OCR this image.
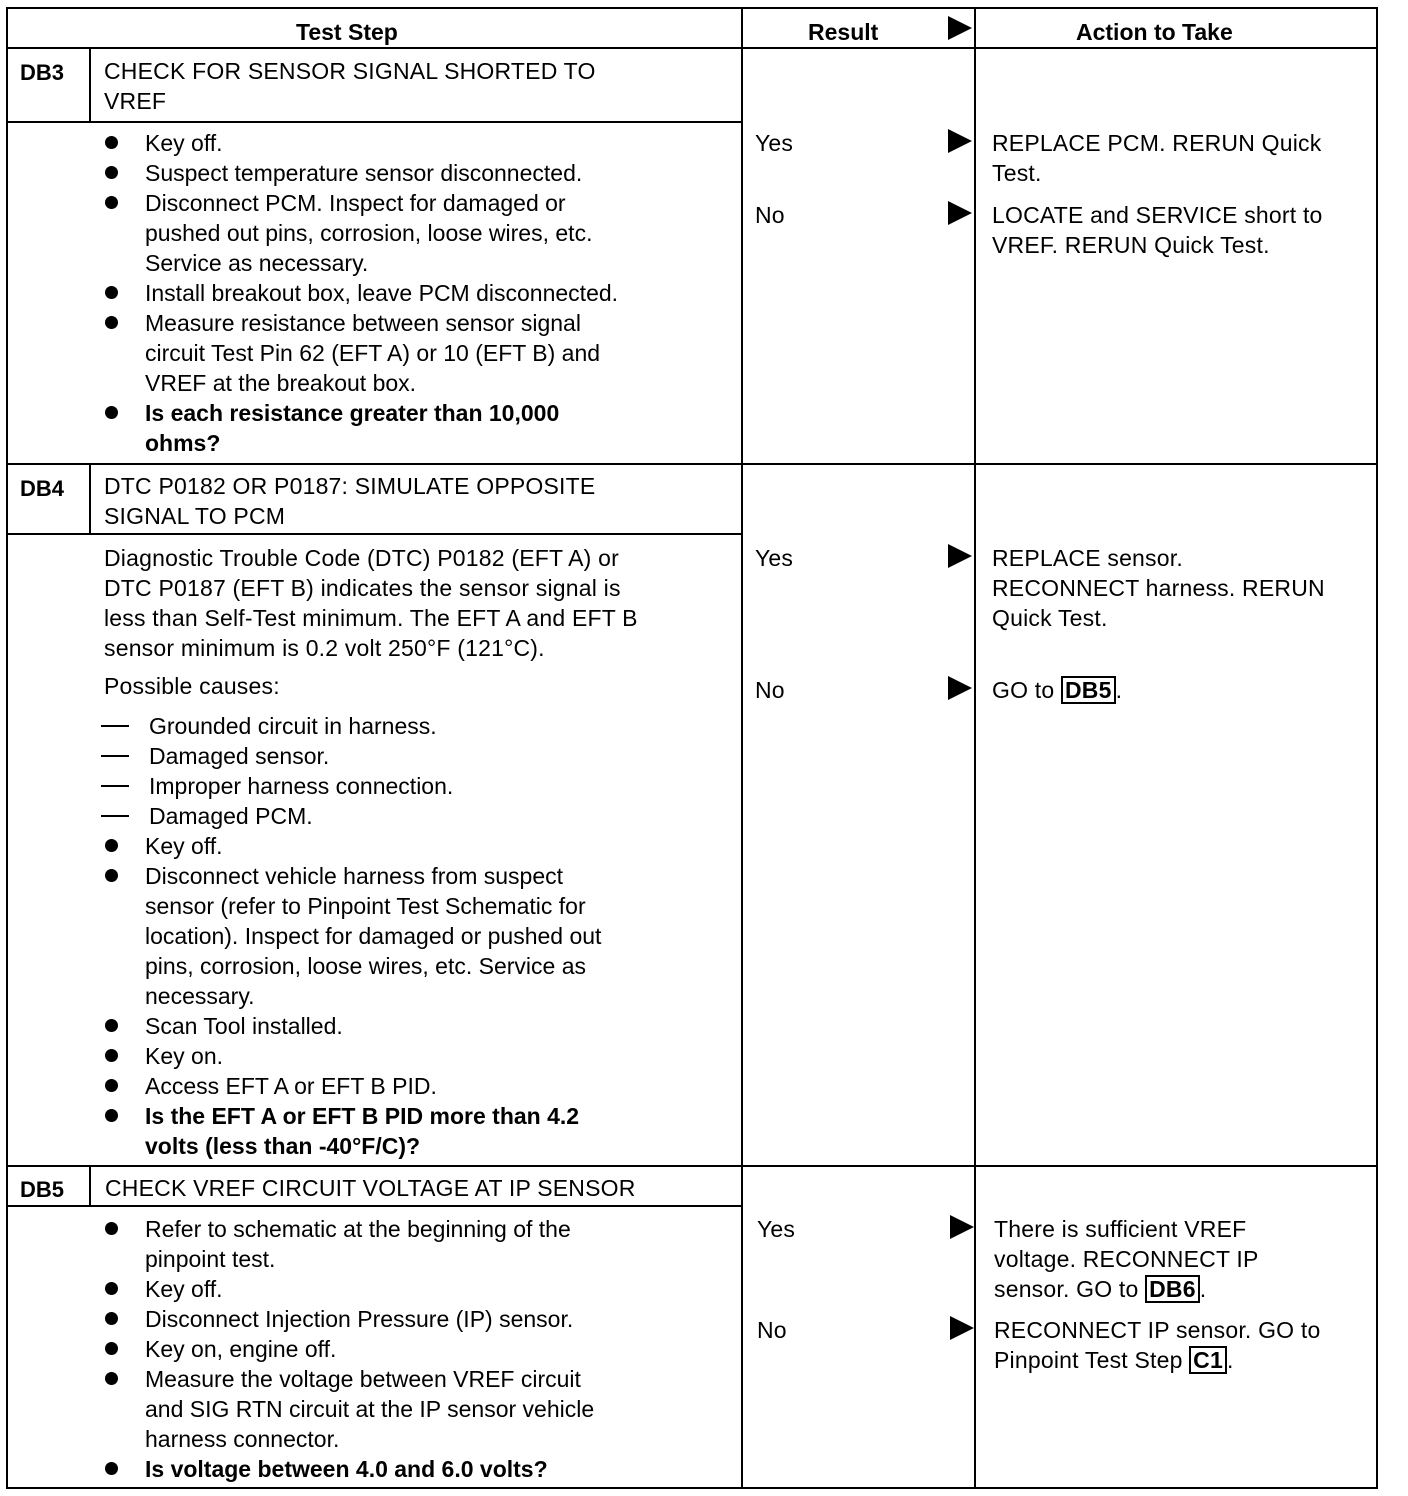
Test Step	Result	Action to Take
DB3 CHECK FOR SENSOR SIGNAL SHORTED TO
VREF
Key off.
Suspect temperature sensor disconnected.
Disconnect PCM. Inspect for damaged or
pushed out pins, corrosion, loose wires, etc.
Service as necessary.
Install breakout box, leave PCM disconnected.
Measure resistance between sensor signal
circuit Test Pin 62 (EFT A) or 10 (EFT B) and
VREF at the breakout box.
Is each resistance greater than 10,000
ohms?
Yes	REPLACE PCM. RERUN Quick
Test.
No	LOCATE and SERVICE short to
VREF. RERUN Quick Test.
DB4 DTC P0182 OR P0187: SIMULATE OPPOSITE
SIGNAL TO PCM
Diagnostic Trouble Code (DTC) P0182 (EFT A) or
DTC P0187 (EFT B) indicates the sensor signal is
less than Self-Test minimum. The EFT A and EFT B
sensor minimum is 0.2 volt 250°F (121°C).
Possible causes:
Grounded circuit in harness.
Damaged sensor.
Improper harness connection.
Damaged PCM.
Key off.
Disconnect vehicle harness from suspect
sensor (refer to Pinpoint Test Schematic for
location). Inspect for damaged or pushed out
pins, corrosion, loose wires, etc. Service as
necessary.
Scan Tool installed.
Key on.
Access EFT A or EFT B PID.
Is the EFT A or EFT B PID more than 4.2
volts (less than -40°F/C)?
Yes	REPLACE sensor.
RECONNECT harness. RERUN
Quick Test.
No	GO to DB5 .
DB5 CHECK VREF CIRCUIT VOLTAGE AT IP SENSOR
Refer to schematic at the beginning of the
pinpoint test.
Key off.
Disconnect Injection Pressure (IP) sensor.
Key on, engine off.
Measure the voltage between VREF circuit
and SIG RTN circuit at the IP sensor vehicle
harness connector.
Is voltage between 4.0 and 6.0 volts?
Yes	There is sufficient VREF
voltage. RECONNECT IP
sensor. GO to DB6 .
No	RECONNECT IP sensor. GO to
Pinpoint Test Step C1 .
